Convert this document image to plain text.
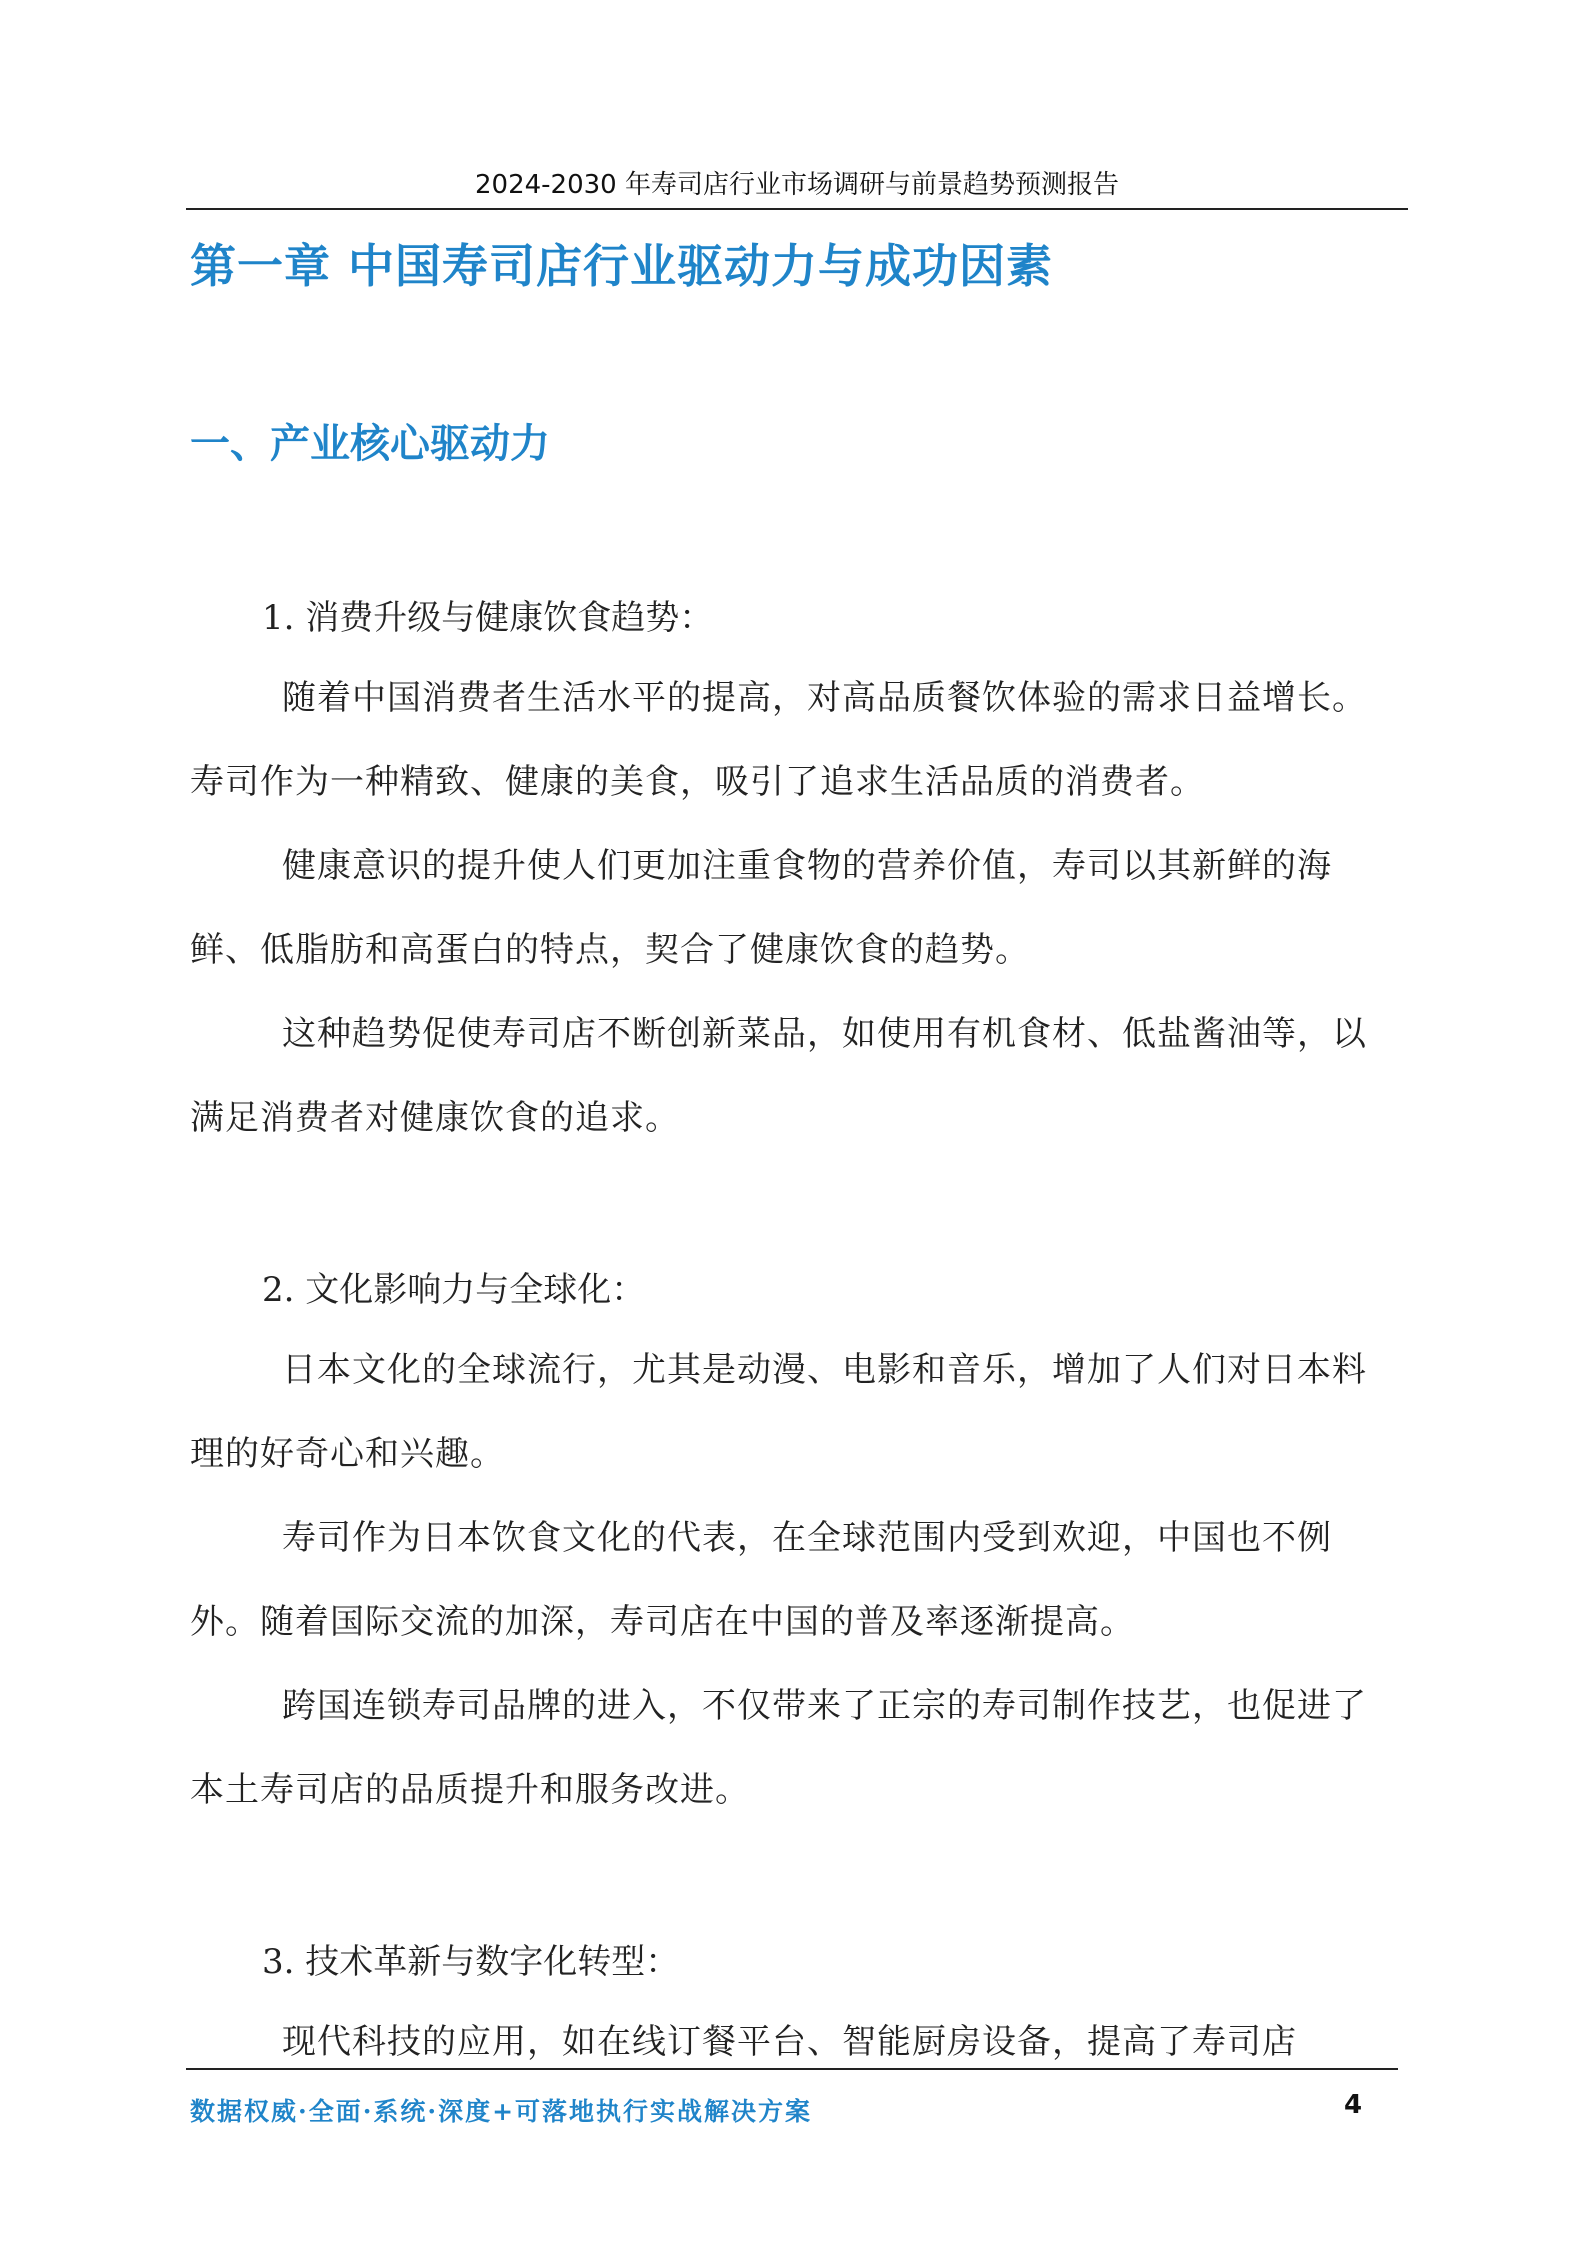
2024-2030 年寿司店行业市场调研与前景趋势预测报告
第一章 中国寿司店行业驱动力与成功因素
一、产业核心驱动力
1. 消费升级与健康饮食趋势：
随着中国消费者生活水平的提高，对高品质餐饮体验的需求日益增长。寿司作为一种精致、健康的美食，吸引了追求生活品质的消费者。
健康意识的提升使人们更加注重食物的营养价值，寿司以其新鲜的海鲜、低脂肪和高蛋白的特点，契合了健康饮食的趋势。
这种趋势促使寿司店不断创新菜品，如使用有机食材、低盐酱油等，以满足消费者对健康饮食的追求。
2. 文化影响力与全球化：
日本文化的全球流行，尤其是动漫、电影和音乐，增加了人们对日本料理的好奇心和兴趣。
寿司作为日本饮食文化的代表，在全球范围内受到欢迎，中国也不例外。随着国际交流的加深，寿司店在中国的普及率逐渐提高。
跨国连锁寿司品牌的进入，不仅带来了正宗的寿司制作技艺，也促进了本土寿司店的品质提升和服务改进。
3. 技术革新与数字化转型：
现代科技的应用，如在线订餐平台、智能厨房设备，提高了寿司店
数据权威·全面·系统·深度+可落地执行实战解决方案	4
